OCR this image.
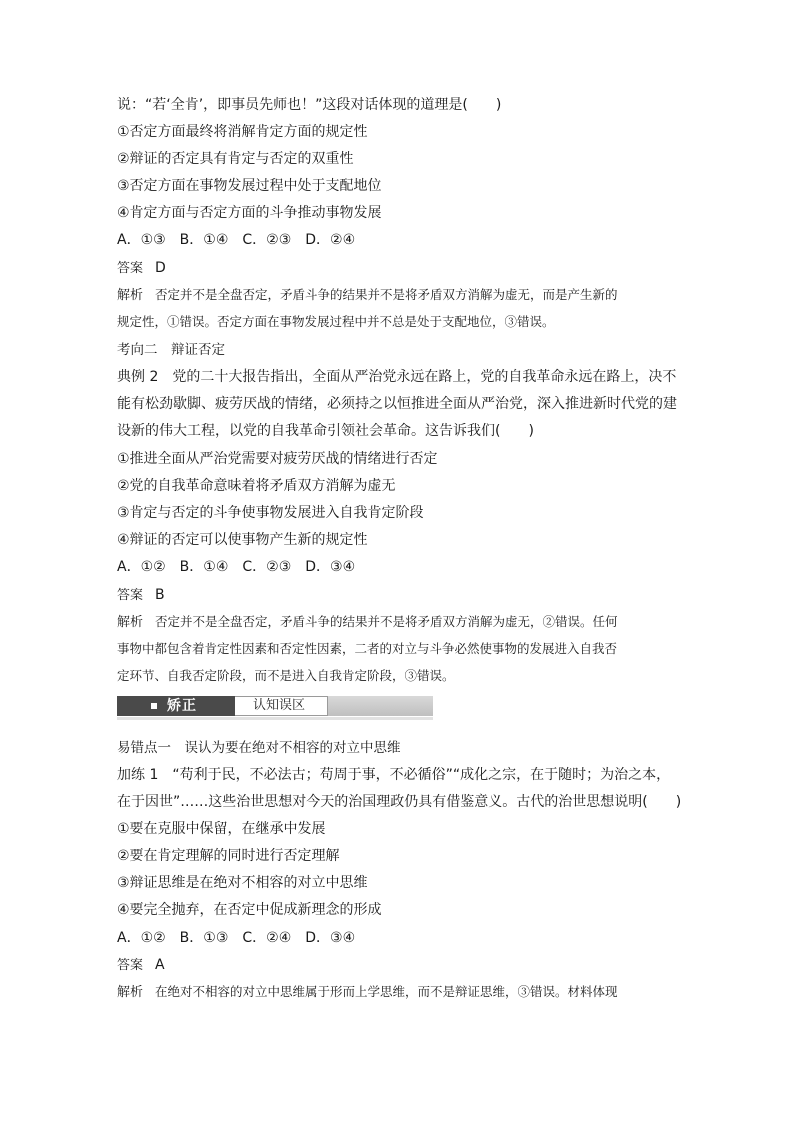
说：“若‘全肯’，即事员先师也！”这段对话体现的道理是(　　)
①否定方面最终将消解肯定方面的规定性
②辩证的否定具有肯定与否定的双重性
③否定方面在事物发展过程中处于支配地位
④肯定方面与否定方面的斗争推动事物发展
A．①③　B．①④　C．②③　D．②④
答案 D
解析 否定并不是全盘否定，矛盾斗争的结果并不是将矛盾双方消解为虚无，而是产生新的
规定性，①错误。否定方面在事物发展过程中并不总是处于支配地位，③错误。
考向二　辩证否定
典例 2　党的二十大报告指出，全面从严治党永远在路上，党的自我革命永远在路上，决不
能有松劲歇脚、疲劳厌战的情绪，必须持之以恒推进全面从严治党，深入推进新时代党的建
设新的伟大工程，以党的自我革命引领社会革命。这告诉我们(　　)
①推进全面从严治党需要对疲劳厌战的情绪进行否定
②党的自我革命意味着将矛盾双方消解为虚无
③肯定与否定的斗争使事物发展进入自我肯定阶段
④辩证的否定可以使事物产生新的规定性
A．①②　B．①④　C．②③　D．③④
答案 B
解析 否定并不是全盘否定，矛盾斗争的结果并不是将矛盾双方消解为虚无，②错误。任何
事物中都包含着肯定性因素和否定性因素，二者的对立与斗争必然使事物的发展进入自我否
定环节、自我否定阶段，而不是进入自我肯定阶段，③错误。
矫正	认知误区
易错点一　误认为要在绝对不相容的对立中思维
加练 1　“苟利于民，不必法古；苟周于事，不必循俗”“成化之宗，在于随时；为治之本，
在于因世”……这些治世思想对今天的治国理政仍具有借鉴意义。古代的治世思想说明(　　)
①要在克服中保留，在继承中发展
②要在肯定理解的同时进行否定理解
③辩证思维是在绝对不相容的对立中思维
④要完全抛弃，在否定中促成新理念的形成
A．①②　B．①③　C．②④　D．③④
答案 A
解析 在绝对不相容的对立中思维属于形而上学思维，而不是辩证思维，③错误。材料体现
